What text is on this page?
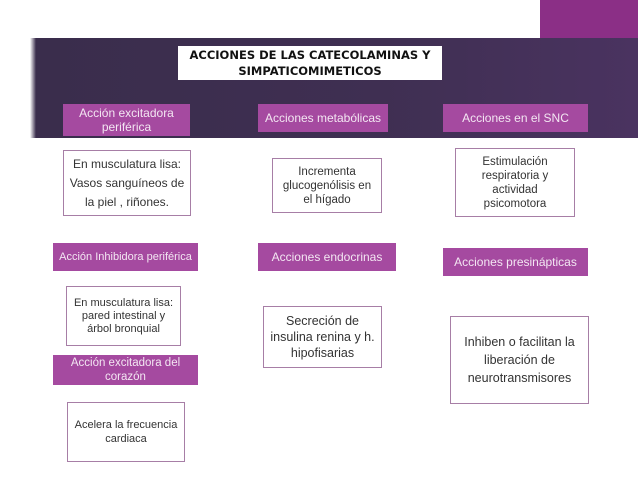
ACCIONES DE LAS CATECOLAMINAS Y SIMPATICOMIMETICOS
Acción excitadora periférica
En musculatura lisa: Vasos sanguíneos de la piel , riñones.
Acción Inhibidora periférica
En musculatura lisa: pared intestinal y árbol bronquial
Acción excitadora del corazón
Acelera la frecuencia cardiaca
Acciones metabólicas
Incrementa glucogenólisis en el hígado
Acciones endocrinas
Secreción de insulina renina y h. hipofisarias
Acciones en el SNC
Estimulación respiratoria y actividad psicomotora
Acciones presinápticas
Inhiben o facilitan la liberación de neurotransmisores
